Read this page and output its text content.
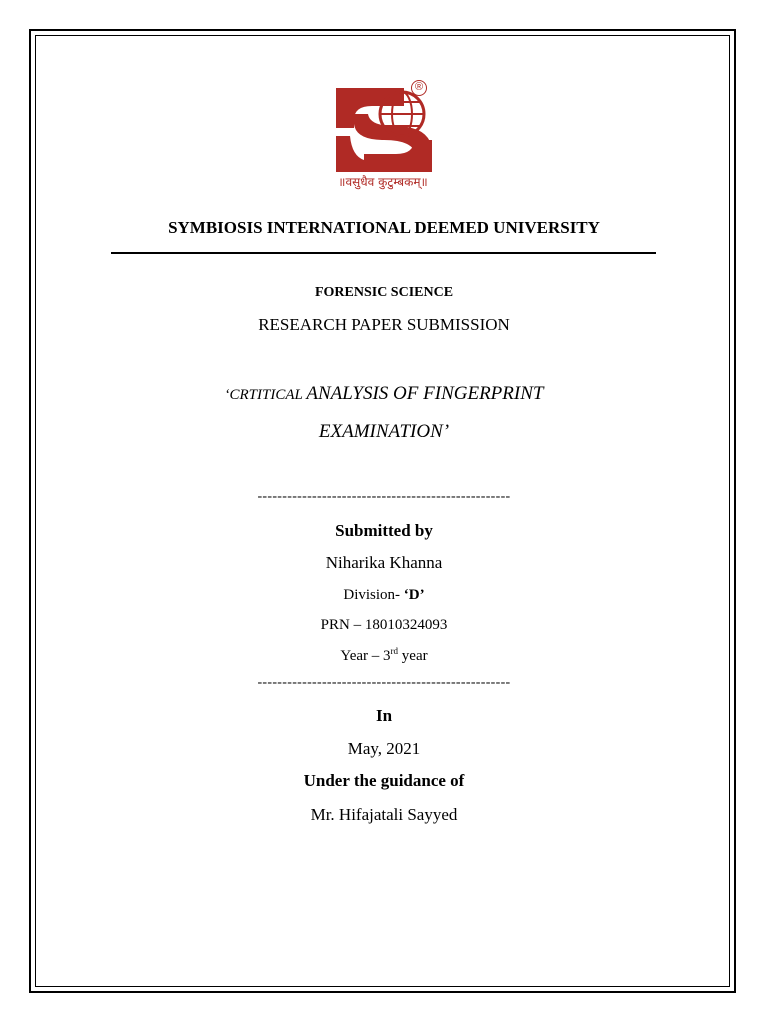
®
॥वसुधैव कुटुम्बकम्॥
SYMBIOSIS INTERNATIONAL DEEMED UNIVERSITY
FORENSIC SCIENCE
RESEARCH PAPER SUBMISSION
‘CRTITICAL ANALYSIS OF FINGERPRINT
EXAMINATION’
---------------------------------------------------
Submitted by
Niharika Khanna
Division- ‘D’
PRN – 18010324093
Year – 3rd year
---------------------------------------------------
In
May, 2021
Under the guidance of
Mr. Hifajatali Sayyed
